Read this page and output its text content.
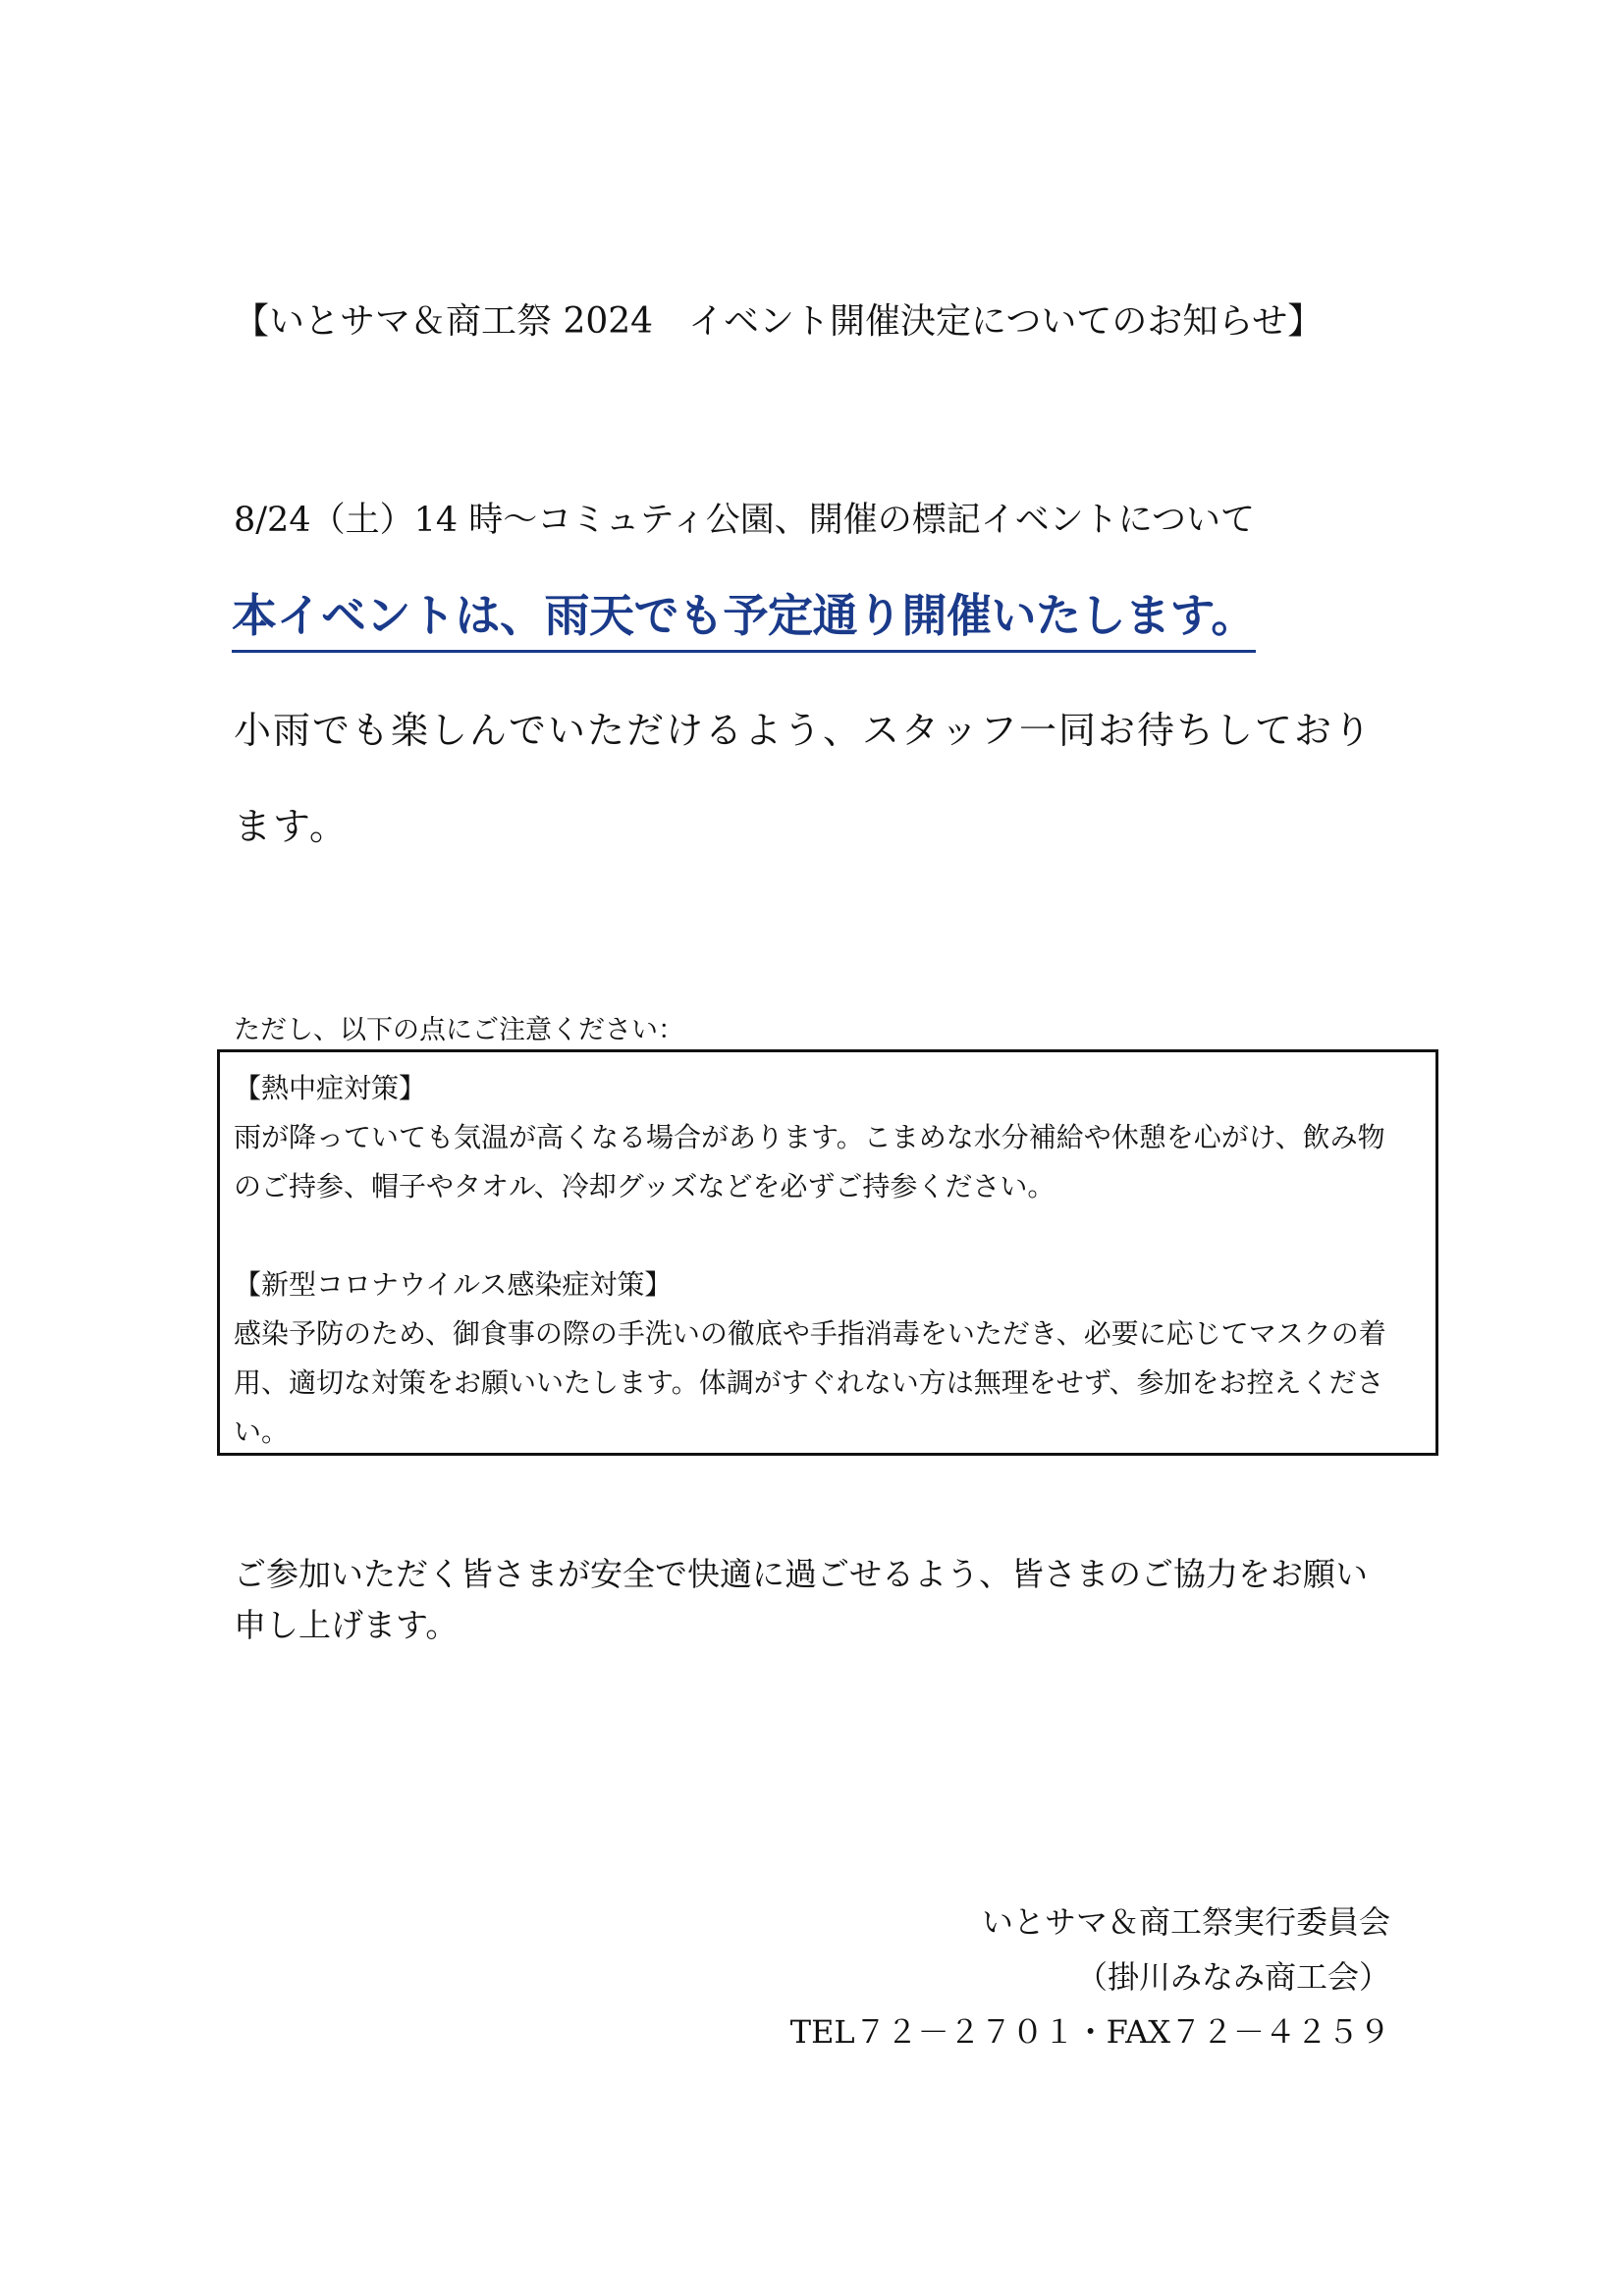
【いとサマ＆商工祭 2024　イベント開催決定についてのお知らせ】
8/24（土）14 時～コミュティ公園、開催の標記イベントについて
本イベントは、雨天でも予定通り開催いたします。
小雨でも楽しんでいただけるよう、スタッフ一同お待ちしております。
ただし、以下の点にご注意ください：
【熱中症対策】
雨が降っていても気温が高くなる場合があります。こまめな水分補給や休憩を心がけ、飲み物のご持参、帽子やタオル、冷却グッズなどを必ずご持参ください。
【新型コロナウイルス感染症対策】
感染予防のため、御食事の際の手洗いの徹底や手指消毒をいただき、必要に応じてマスクの着用、適切な対策をお願いいたします。体調がすぐれない方は無理をせず、参加をお控えください。
ご参加いただく皆さまが安全で快適に過ごせるよう、皆さまのご協力をお願い申し上げます。
いとサマ＆商工祭実行委員会
（掛川みなみ商工会）
TEL７２－２７０１・FAX７２－４２５９
